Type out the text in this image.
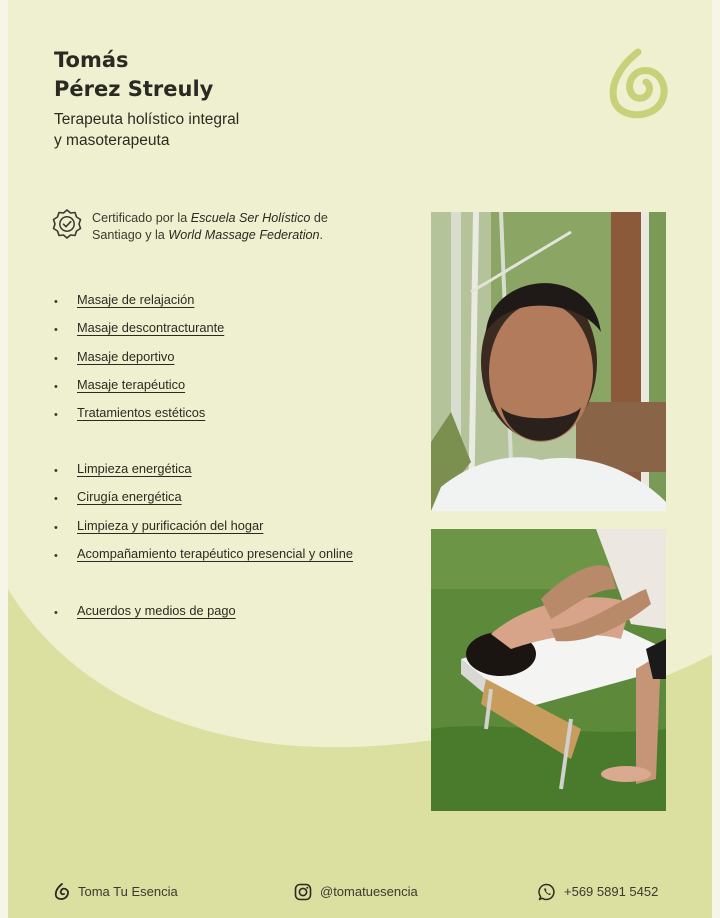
Tomás
Pérez Streuly
Terapeuta holístico integral
y masoterapeuta
Certificado por la Escuela Ser Holístico de
Santiago y la World Massage Federation.
• Masaje de relajación
• Masaje descontracturante
• Masaje deportivo
• Masaje terapéutico
• Tratamientos estéticos
• Limpieza energética
• Cirugía energética
• Limpieza y purificación del hogar
• Acompañamiento terapéutico presencial y online
• Acuerdos y medios de pago
Toma Tu Esencia	@tomatuesencia	+569 5891 5452
